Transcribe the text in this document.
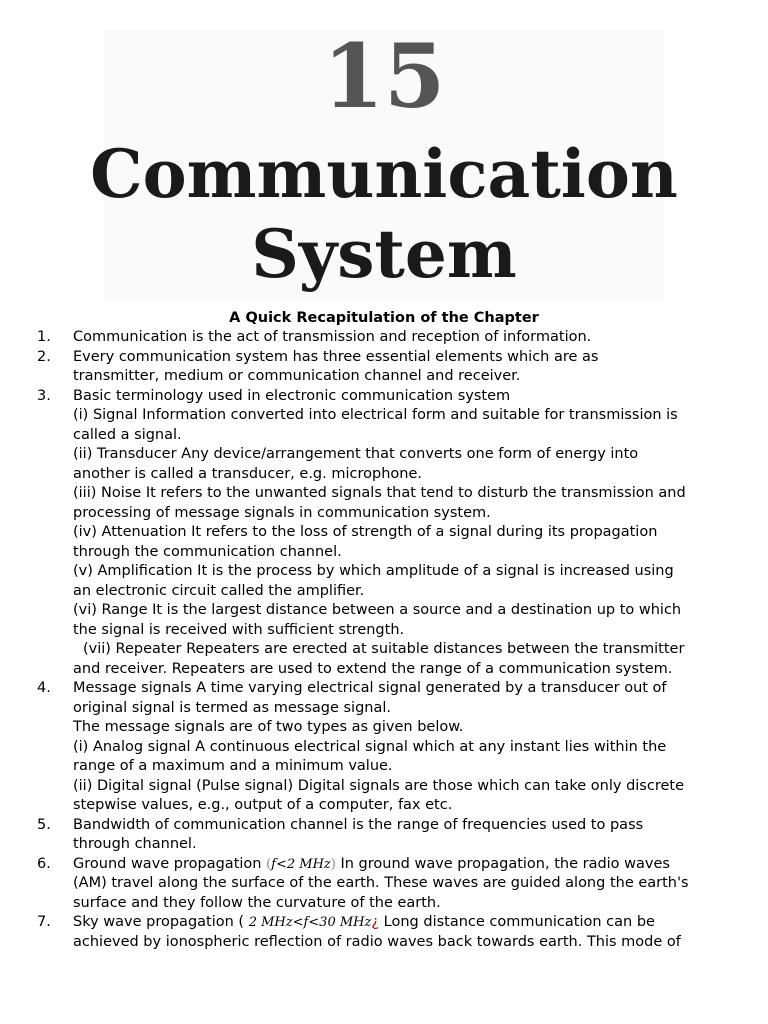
15
Communication
System
A Quick Recapitulation of the Chapter
1. Communication is the act of transmission and reception of information.
2. Every communication system has three essential elements which are as
transmitter, medium or communication channel and receiver.
3. Basic terminology used in electronic communication system
(i) Signal Information converted into electrical form and suitable for transmission is
called a signal.
(ii) Transducer Any device/arrangement that converts one form of energy into
another is called a transducer, e.g. microphone.
(iii) Noise It refers to the unwanted signals that tend to disturb the transmission and
processing of message signals in communication system.
(iv) Attenuation It refers to the loss of strength of a signal during its propagation
through the communication channel.
(v) Amplification It is the process by which amplitude of a signal is increased using
an electronic circuit called the amplifier.
(vi) Range It is the largest distance between a source and a destination up to which
the signal is received with sufficient strength.
(vii) Repeater Repeaters are erected at suitable distances between the transmitter
and receiver. Repeaters are used to extend the range of a communication system.
4. Message signals A time varying electrical signal generated by a transducer out of
original signal is termed as message signal.
The message signals are of two types as given below.
(i) Analog signal A continuous electrical signal which at any instant lies within the
range of a maximum and a minimum value.
(ii) Digital signal (Pulse signal) Digital signals are those which can take only discrete
stepwise values, e.g., output of a computer, fax etc.
5. Bandwidth of communication channel is the range of frequencies used to pass
through channel.
6. Ground wave propagation (f<2 MHz) In ground wave propagation, the radio waves
(AM) travel along the surface of the earth. These waves are guided along the earth's
surface and they follow the curvature of the earth.
7. Sky wave propagation ( 2 MHz<f<30 MHz¿ Long distance communication can be
achieved by ionospheric reflection of radio waves back towards earth. This mode of
